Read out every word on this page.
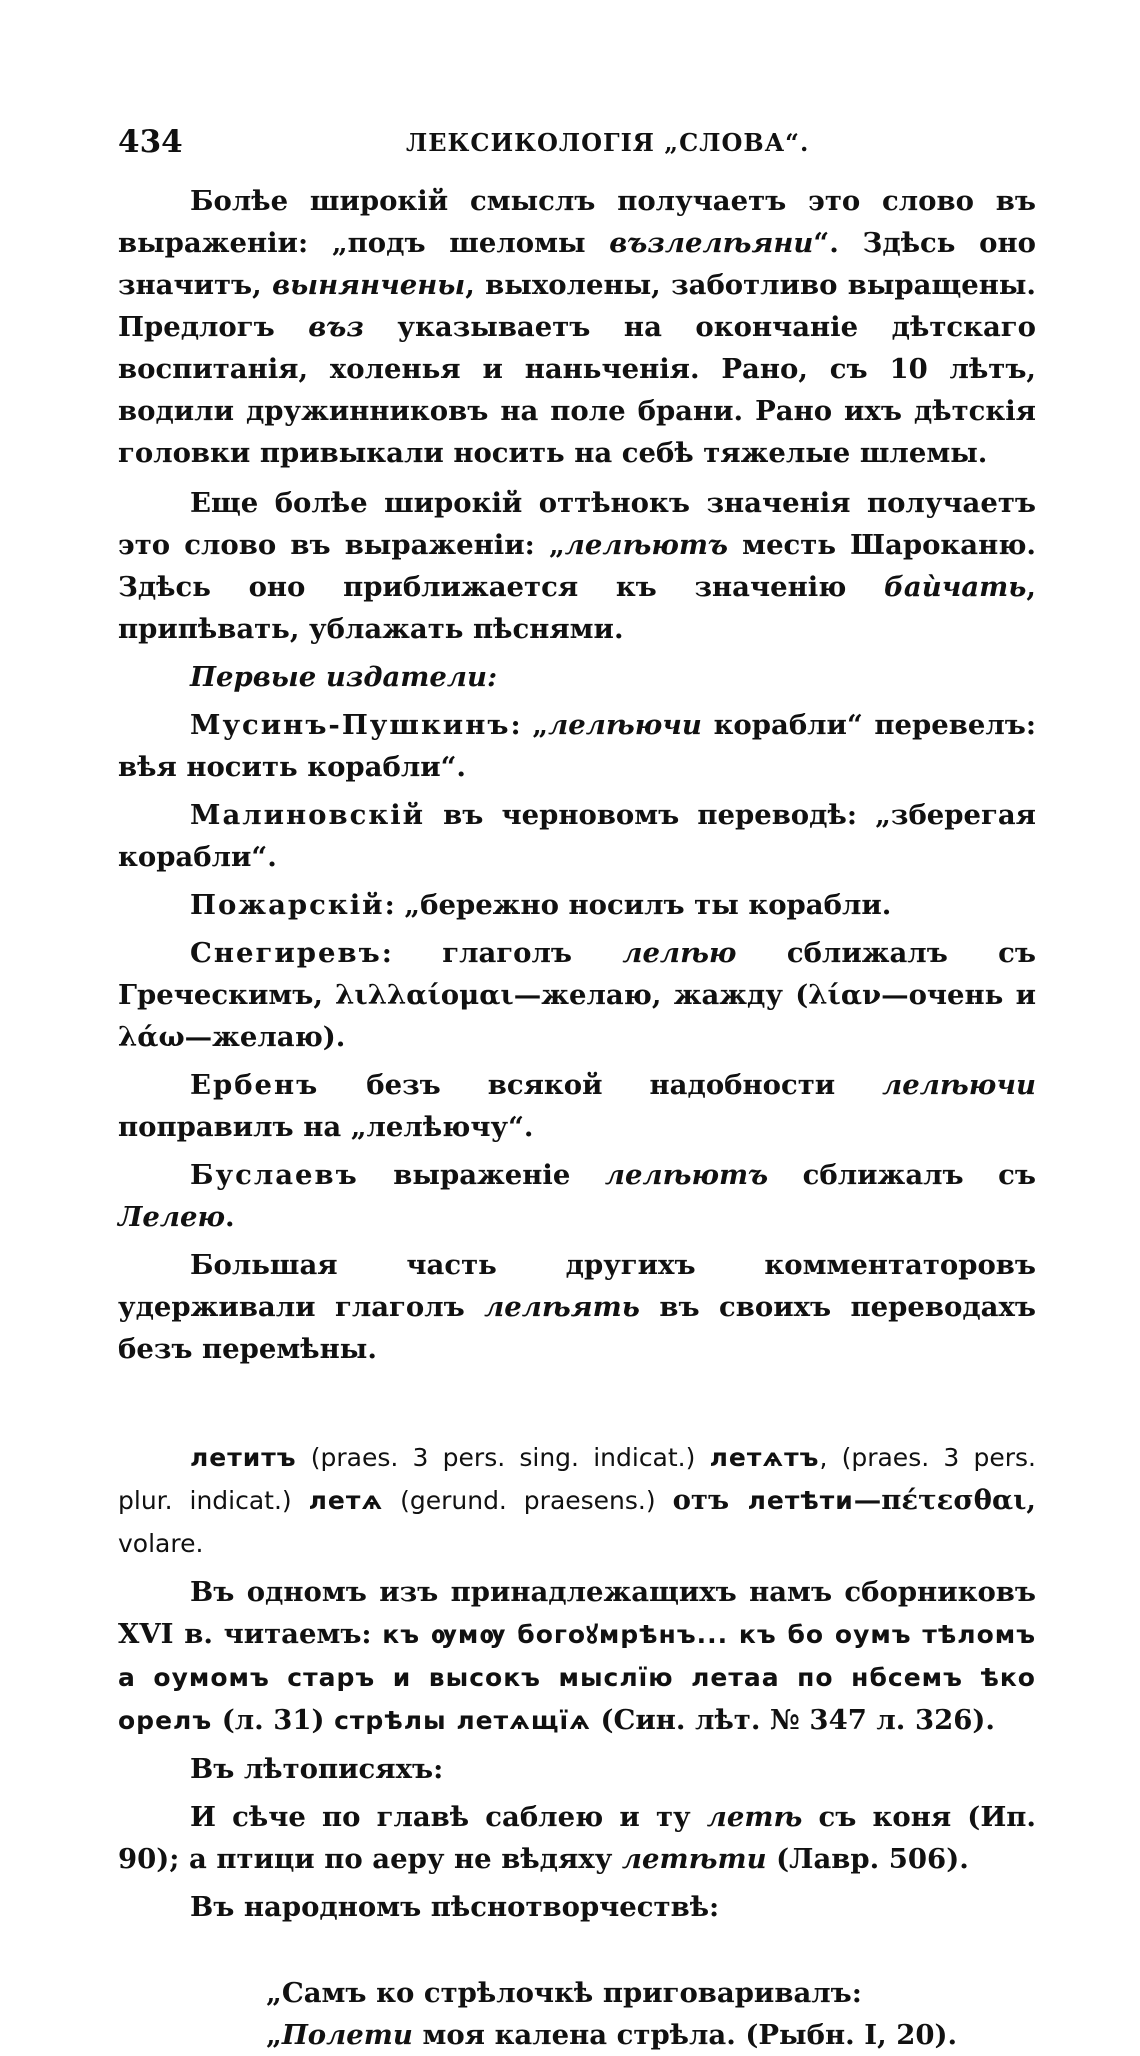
434	ЛЕКСИКОЛОГІЯ „СЛОВА“.

Болѣе широкій смыслъ получаетъ это слово въ выраженіи: „подъ шеломы възлелѣяни“. Здѣсь оно значитъ, вынянчены, выхолены, заботливо выращены. Предлогъ въз указываетъ на окончаніе дѣтскаго воспитанія, холенья и наньченія. Рано, съ 10 лѣтъ, водили дружинниковъ на поле брани. Рано ихъ дѣтскія головки привыкали носить на себѣ тяжелые шлемы.

Еще болѣе широкій оттѣнокъ значенія получаетъ это слово въ выраженіи: „лелѣютъ месть Шароканю. Здѣсь оно приближается къ значенію баѝчать, припѣвать, ублажать пѣснями.

Первые издатели:

Мусинъ-Пушкинъ: „лелѣючи корабли“ перевелъ: вѣя носить корабли“.

Малиновскій въ черновомъ переводѣ: „зберегая корабли“.

Пожарскій: „бережно носилъ ты корабли.

Снегиревъ: глаголъ лелѣю сближалъ съ Греческимъ, λιλλαίομαι—желаю, жажду (λίαν—очень и λάω—желаю).

Ербенъ безъ всякой надобности лелѣючи поправилъ на „лелѣючу“.

Буслаевъ выраженіе лелѣютъ сближалъ съ Лелею.

Большая часть другихъ комментаторовъ удерживали глаголъ лелѣять въ своихъ переводахъ безъ перемѣны.

летитъ (praes. 3 pers. sing. indicat.) летѧтъ, (praes. 3 pers. plur. indicat.) летѧ (gerund. praesens.) отъ летѣти—πέτεσθαι, volare.

Въ одномъ изъ принадлежащихъ намъ сборниковъ XVI в. читаемъ: къ ѹмѹ богоꙋмрѣнъ... къ бо оумъ тѣломъ а оумомъ старъ и высокъ мыслїю летаа по нбсемъ ѣко орелъ (л. 31) стрѣлы летѧщїѧ (Син. лѣт. № 347 л. 326).

Въ лѣтописяхъ:

И сѣче по главѣ саблею и ту летѣ съ коня (Ип. 90); а птици по аеру не вѣдяху летѣти (Лавр. 506).

Въ народномъ пѣснотворчествѣ:

„Самъ ко стрѣлочкѣ приговаривалъ:

„Полети моя калена стрѣла. (Рыбн. I, 20).
